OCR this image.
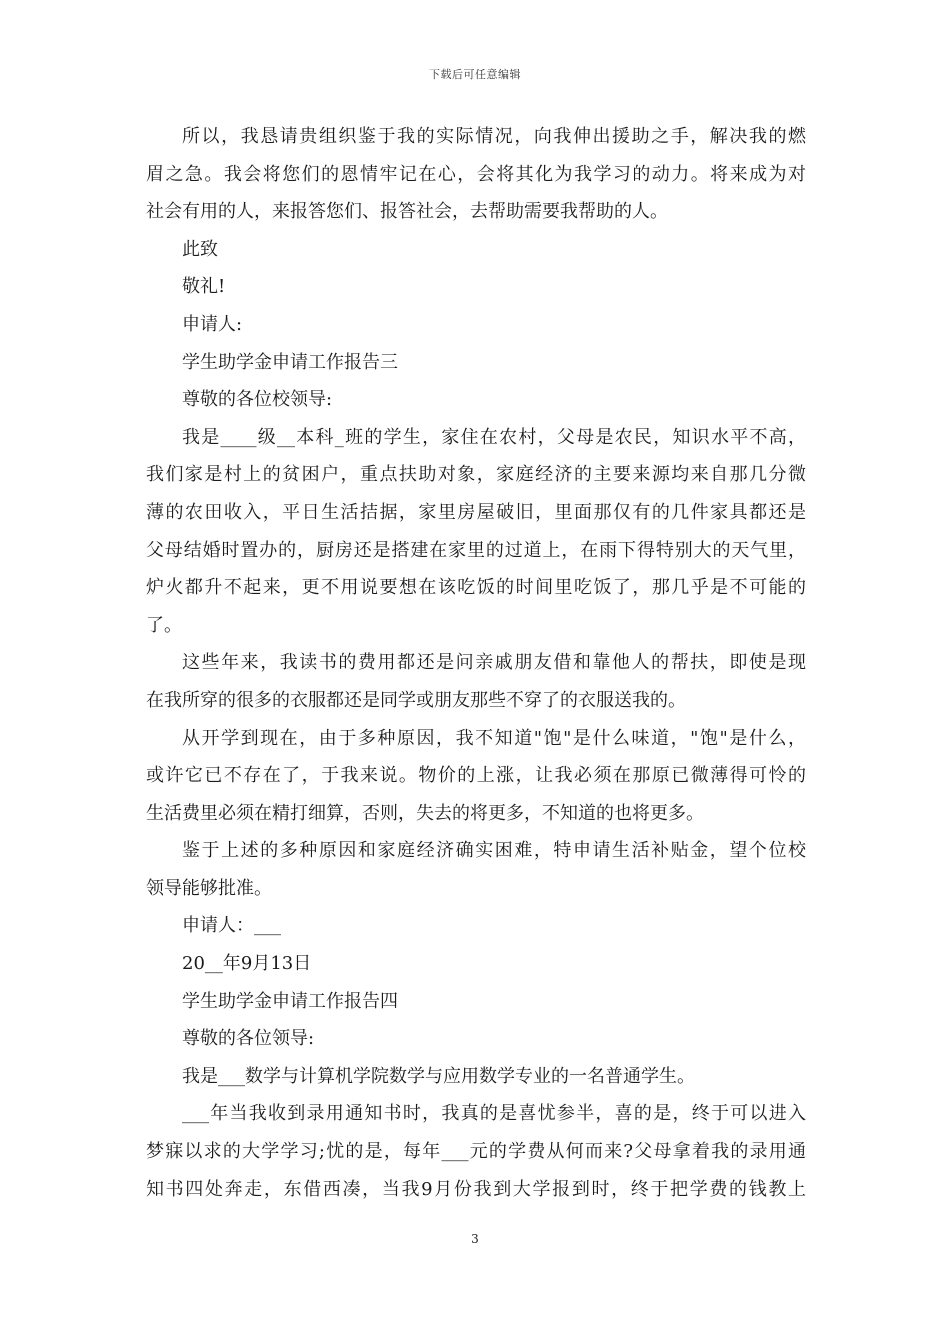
下载后可任意编辑
所以，我恳请贵组织鉴于我的实际情况，向我伸出援助之手，解决我的燃
眉之急。我会将您们的恩情牢记在心，会将其化为我学习的动力。将来成为对
社会有用的人，来报答您们、报答社会，去帮助需要我帮助的人。
此致
敬礼!
申请人:
学生助学金申请工作报告三
尊敬的各位校领导:
我是____级__本科_班的学生，家住在农村，父母是农民，知识水平不高，
我们家是村上的贫困户，重点扶助对象，家庭经济的主要来源均来自那几分微
薄的农田收入，平日生活拮据，家里房屋破旧，里面那仅有的几件家具都还是
父母结婚时置办的，厨房还是搭建在家里的过道上，在雨下得特别大的天气里，
炉火都升不起来，更不用说要想在该吃饭的时间里吃饭了，那几乎是不可能的
了。
这些年来，我读书的费用都还是问亲戚朋友借和靠他人的帮扶，即使是现
在我所穿的很多的衣服都还是同学或朋友那些不穿了的衣服送我的。
从开学到现在，由于多种原因，我不知道"饱"是什么味道，"饱"是什么，
或许它已不存在了，于我来说。物价的上涨，让我必须在那原已微薄得可怜的
生活费里必须在精打细算，否则，失去的将更多，不知道的也将更多。
鉴于上述的多种原因和家庭经济确实困难，特申请生活补贴金，望个位校
领导能够批准。
申请人：___
20__年9月13日
学生助学金申请工作报告四
尊敬的各位领导:
我是___数学与计算机学院数学与应用数学专业的一名普通学生。
___年当我收到录用通知书时，我真的是喜忧参半，喜的是，终于可以进入
梦寐以求的大学学习;忧的是，每年___元的学费从何而来?父母拿着我的录用通
知书四处奔走，东借西凑，当我9月份我到大学报到时，终于把学费的钱教上
3
